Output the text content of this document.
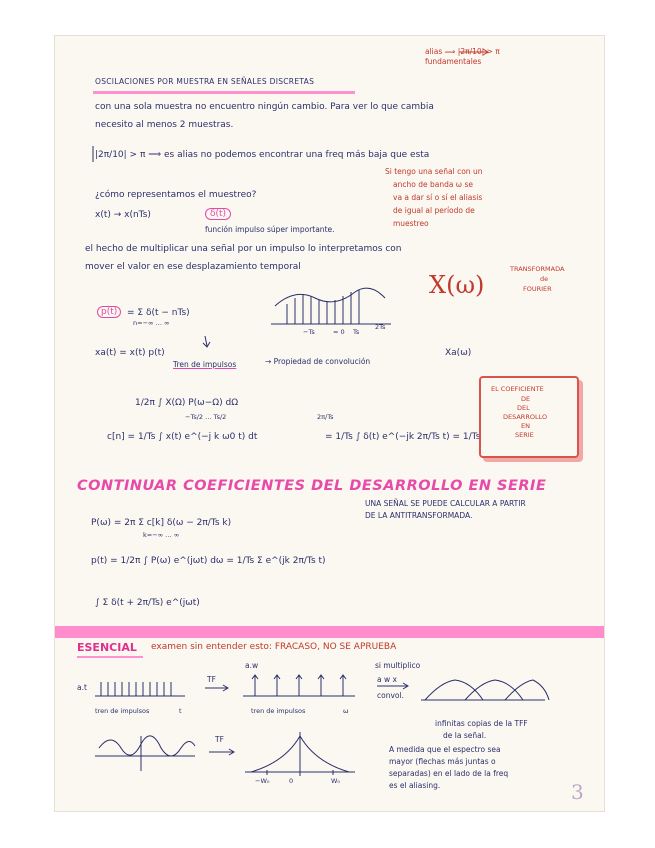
alias ⟹ |2π/10| > π
fundamentales
OSCILACIONES POR MUESTRA EN SEÑALES DISCRETAS
con una sola muestra no encuentro ningún cambio. Para ver lo que cambia
necesito al menos 2 muestras.
|2π/10| > π ⟹ es alias no podemos encontrar una freq más baja que esta
¿cómo representamos el muestreo?
Si tengo una señal con un
ancho de banda ω se
va a dar sí o sí el aliasis
de igual al período de
muestreo
x(t) → x(nTs)	δ(t)
función impulso súper importante.
el hecho de multiplicar una señal por un impulso lo interpretamos con
mover el valor en ese desplazamiento temporal
X(ω)
TRANSFORMADA
de
FOURIER
p(t)	= Σ δ(t − nTs)
n=−∞ … ∞
−Ts	= 0 Ts
2Ts
xa(t) = x(t) p(t)
Tren de impulsos	→ Propiedad de convolución
Xa(ω)
1/2π ∫ X(Ω) P(ω−Ω) dΩ
c[n] = 1/Ts ∫ x(t) e^(−j k ω0 t) dt
−Ts/2 … Ts/2	2π/Ts
= 1/Ts ∫ δ(t) e^(−jk 2π/Ts t) = 1/Ts
EL COEFICIENTE
DE
DEL
DESARROLLO
EN
SERIE
CONTINUAR COEFICIENTES DEL DESARROLLO EN SERIE
P(ω) = 2π Σ c[k] δ(ω − 2π/Ts k)
k=−∞ … ∞
UNA SEÑAL SE PUEDE CALCULAR A PARTIR
DE LA ANTITRANSFORMADA.
p(t) = 1/2π ∫ P(ω) e^(jωt) dω = 1/Ts Σ e^(jk 2π/Ts t)
∫ Σ δ(t + 2π/Ts) e^(jωt)
ESENCIAL examen sin entender esto: FRACASO, NO SE APRUEBA
a.t
TF
a.w	si multiplico
a w x
convol.
tren de impulsos	t	tren de impulsos	ω
TF
−W₀	0	W₀
infinitas copias de la TFF
de la señal.
A medida que el espectro sea
mayor (flechas más juntas o
separadas) en el lado de la freq
es el aliasing.	3
